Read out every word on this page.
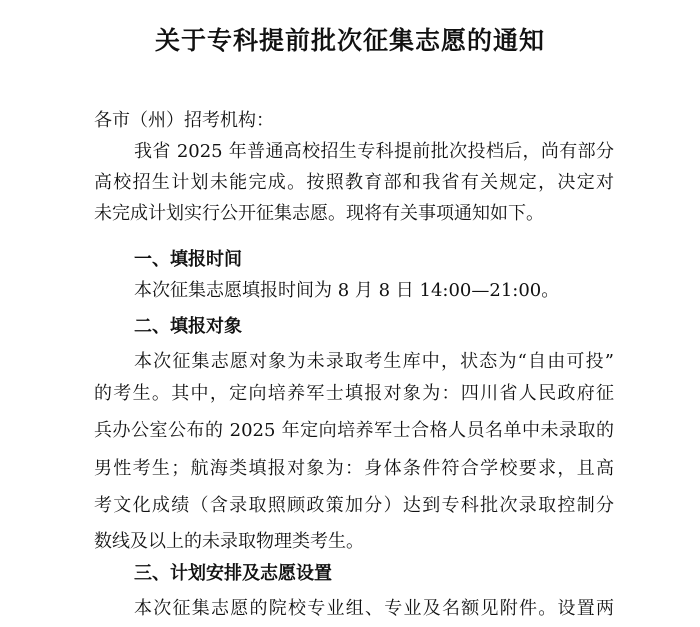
关于专科提前批次征集志愿的通知
各市（州）招考机构：
我省 2025 年普通高校招生专科提前批次投档后，尚有部分
高校招生计划未能完成。按照教育部和我省有关规定，决定对
未完成计划实行公开征集志愿。现将有关事项通知如下。
一、填报时间
本次征集志愿填报时间为 8 月 8 日 14:00—21:00。
二、填报对象
本次征集志愿对象为未录取考生库中，状态为“自由可投”
的考生。其中，定向培养军士填报对象为：四川省人民政府征
兵办公室公布的 2025 年定向培养军士合格人员名单中未录取的
男性考生；航海类填报对象为：身体条件符合学校要求，且高
考文化成绩（含录取照顾政策加分）达到专科批次录取控制分
数线及以上的未录取物理类考生。
三、计划安排及志愿设置
本次征集志愿的院校专业组、专业及名额见附件。设置两
